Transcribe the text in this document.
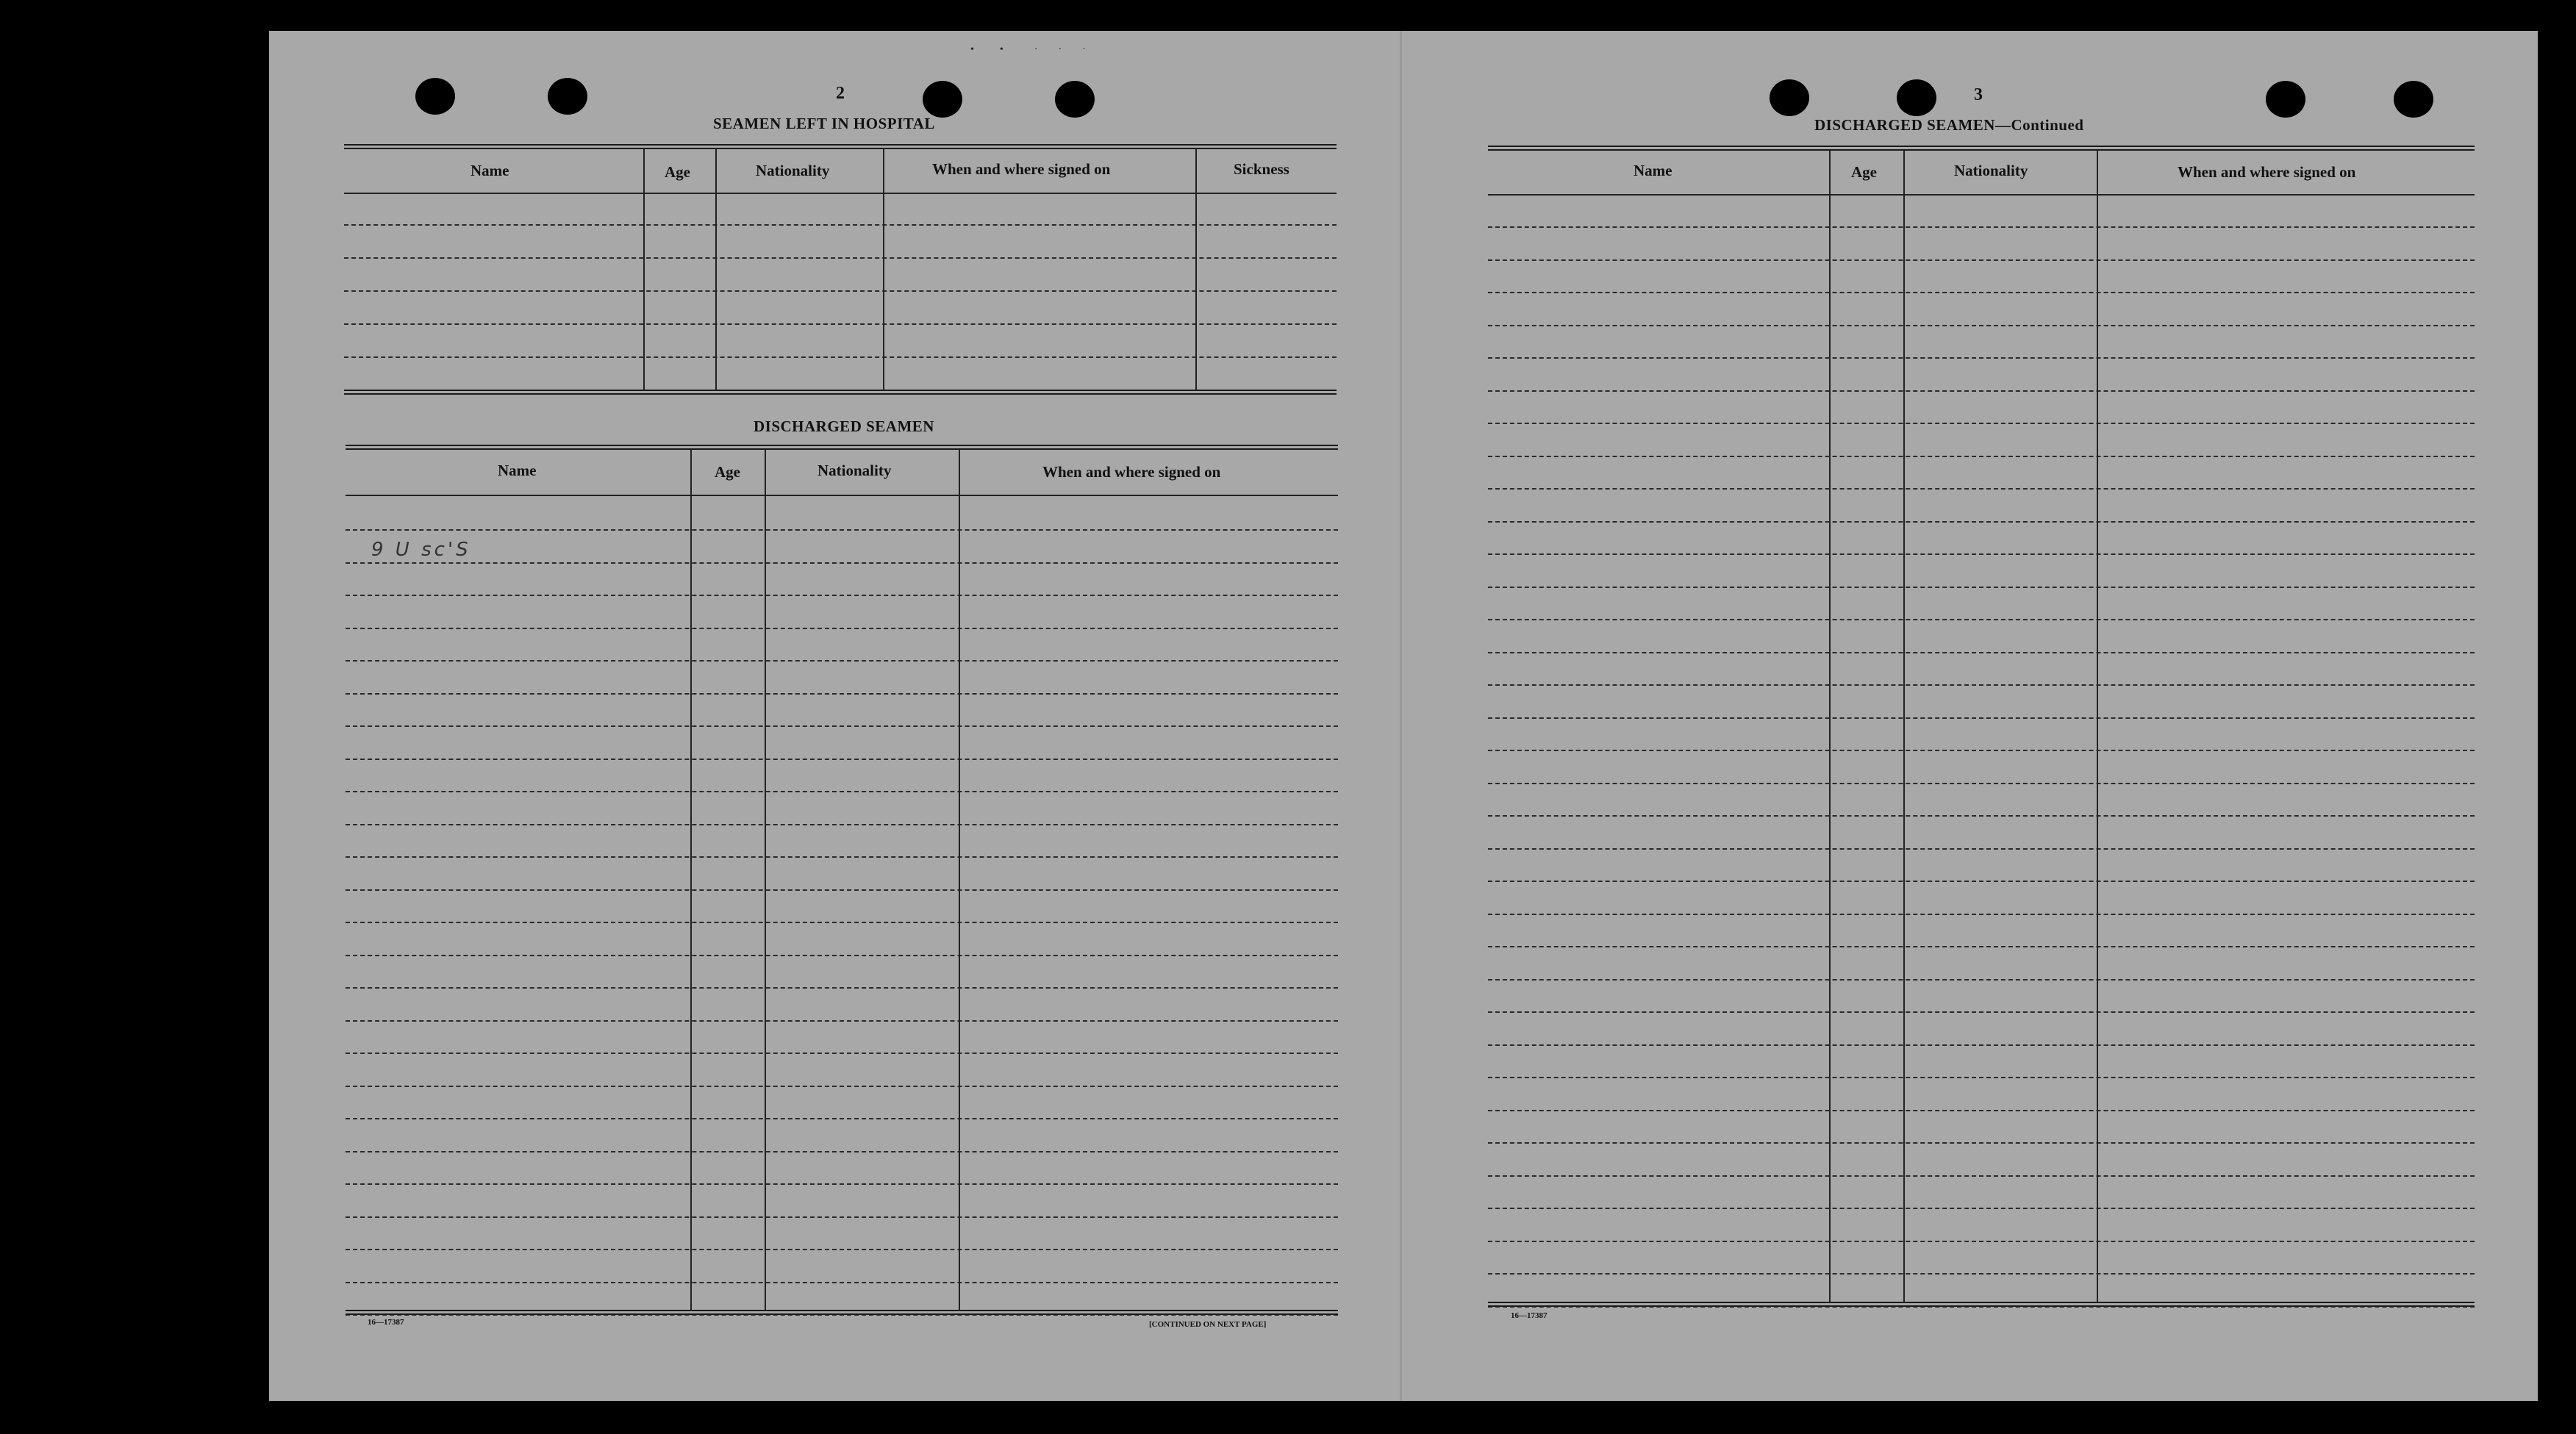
•          •            ·        ·        ·
2
SEAMEN LEFT IN HOSPITAL
Name	Age	Nationality	When and where signed on	Sickness
DISCHARGED SEAMEN
Name	Age	Nationality	When and where signed on
9 U sc'S
16—17387	[CONTINUED ON NEXT PAGE]
3
DISCHARGED SEAMEN—Continued
Name	Age	Nationality	When and where signed on
16—17387
